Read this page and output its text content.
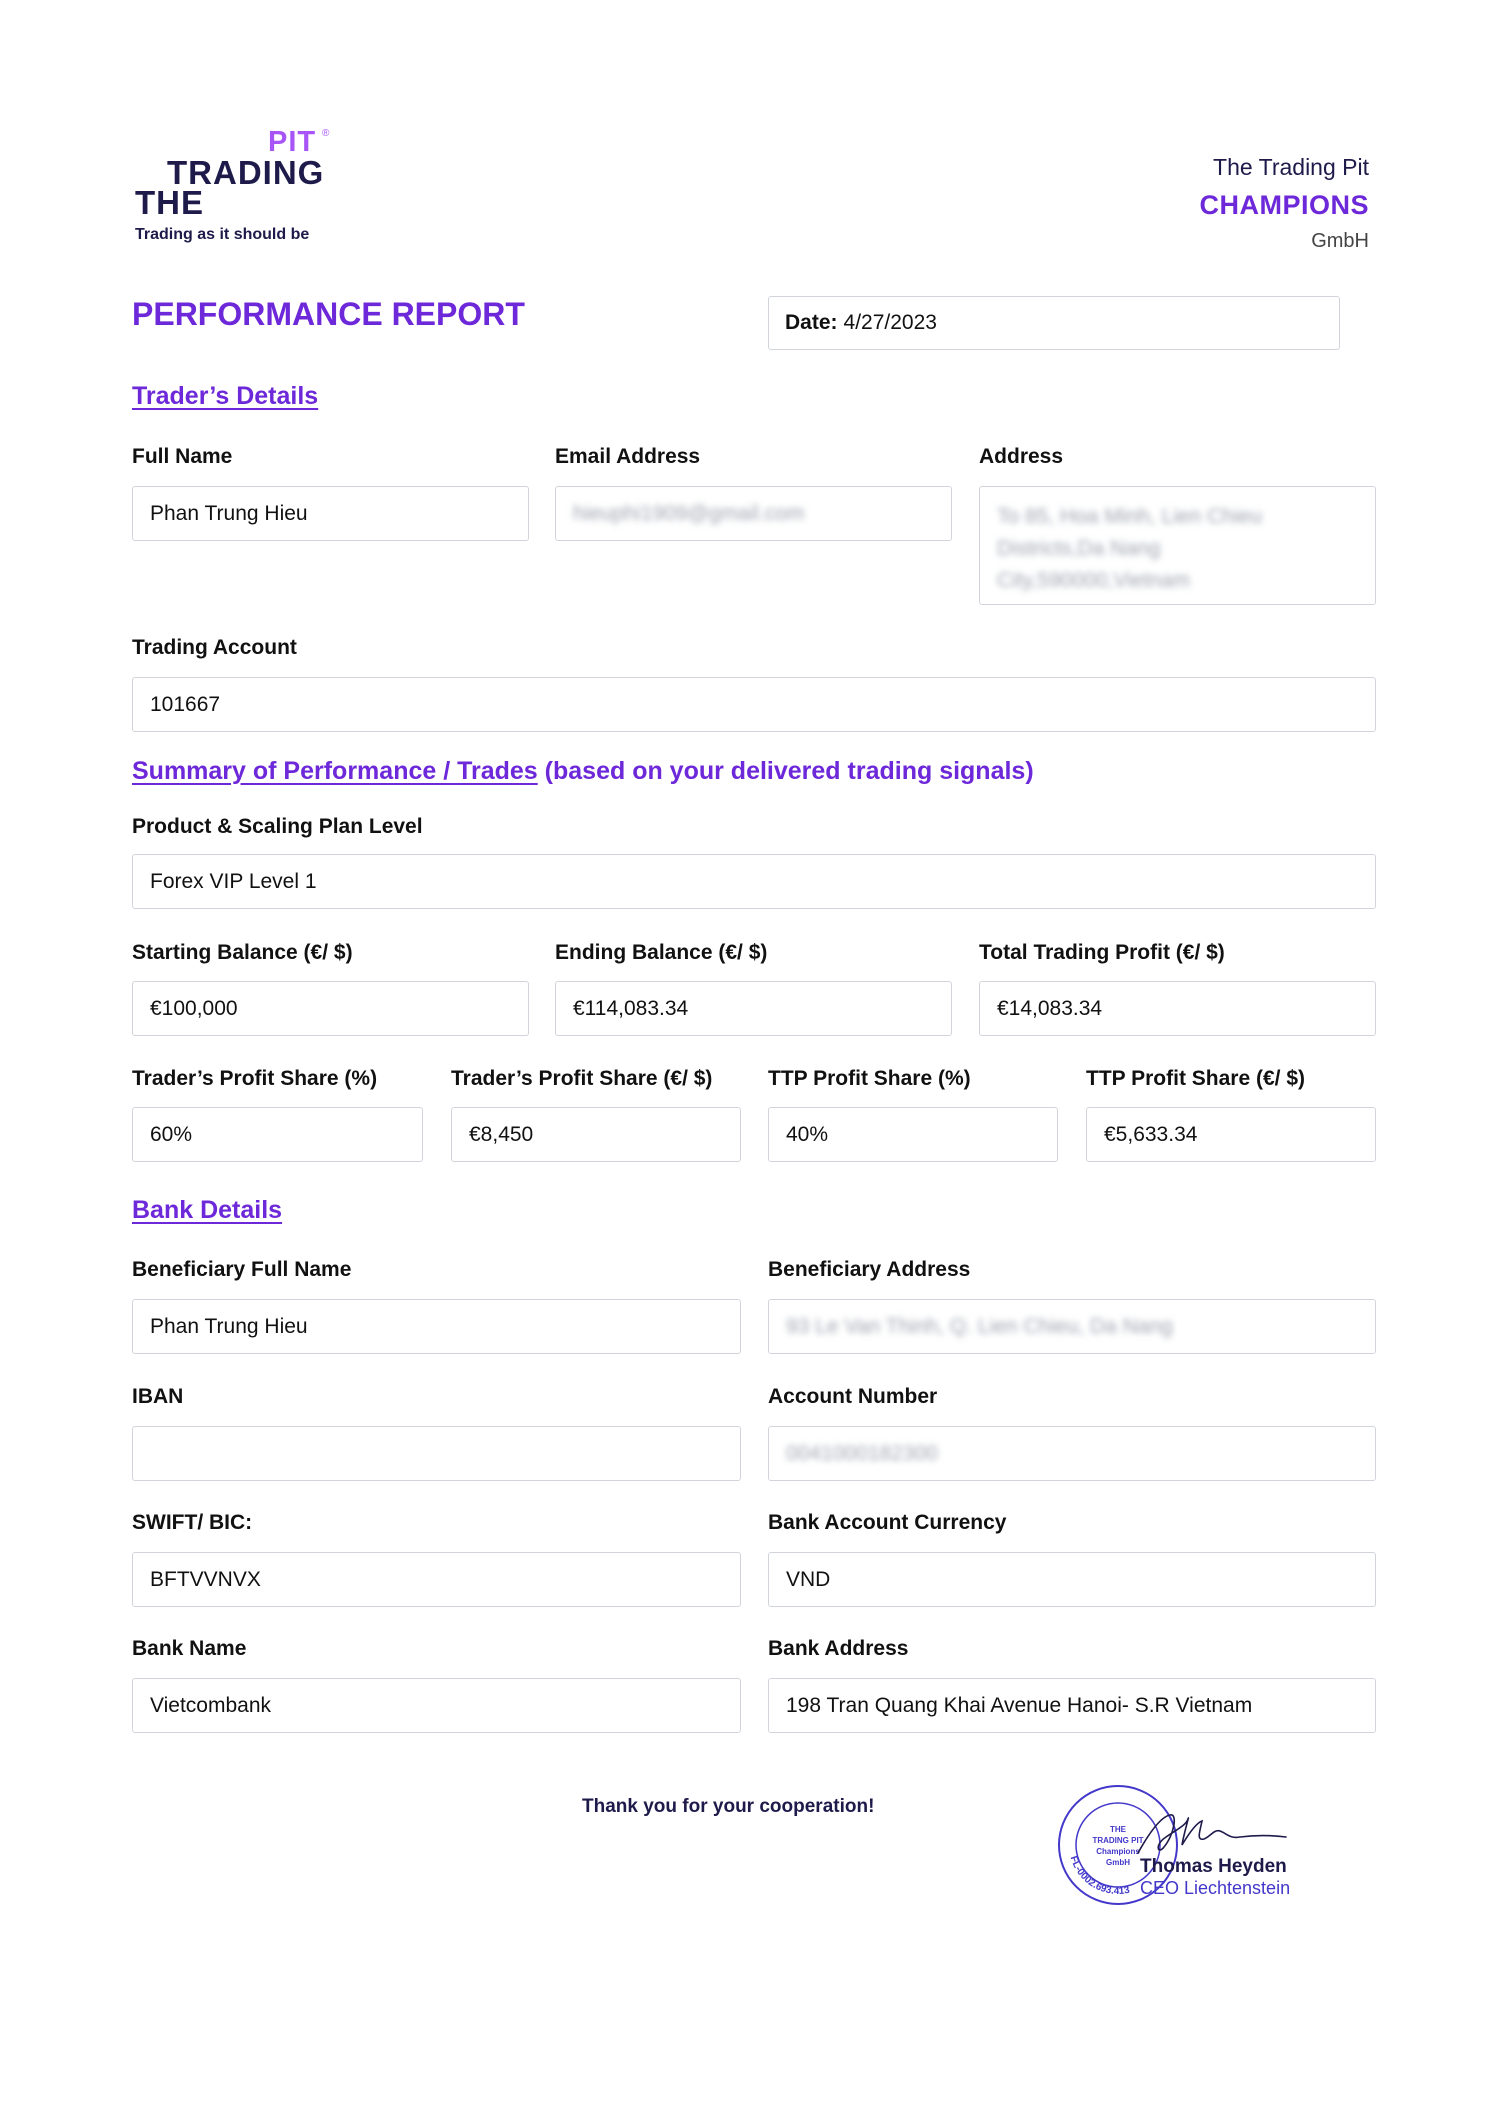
PIT ®
TRADING
THE
Trading as it should be
The Trading Pit
CHAMPIONS
GmbH
PERFORMANCE REPORT	Date: 4/27/2023
Trader’s Details
Full Name
Phan Trung Hieu
Email Address
hieuphi1909@gmail.com
Address
To 85, Hoa Minh, Lien Chieu
Districts,Da Nang
City,590000,Vietnam
Trading Account
101667
Summary of Performance / Trades (based on your delivered trading signals)
Product & Scaling Plan Level
Forex VIP Level 1
Starting Balance (€/ $)
€100,000
Ending Balance (€/ $)
€114,083.34
Total Trading Profit (€/ $)
€14,083.34
Trader’s Profit Share (%)
60%
Trader’s Profit Share (€/ $)
€8,450
TTP Profit Share (%)
40%
TTP Profit Share (€/ $)
€5,633.34
Bank Details
Beneficiary Full Name
Phan Trung Hieu
Beneficiary Address
93 Le Van Thinh, Q. Lien Chieu, Da Nang
IBAN	Account Number
0041000182300
SWIFT/ BIC:
BFTVVNVX
Bank Account Currency
VND
Bank Name
Vietcombank
Bank Address
198 Tran Quang Khai Avenue Hanoi- S.R Vietnam
Thank you for your cooperation!
THE
TRADING PIT
Champions
GmbH
FL-0002.693.413
Thomas Heyden
CEO Liechtenstein
